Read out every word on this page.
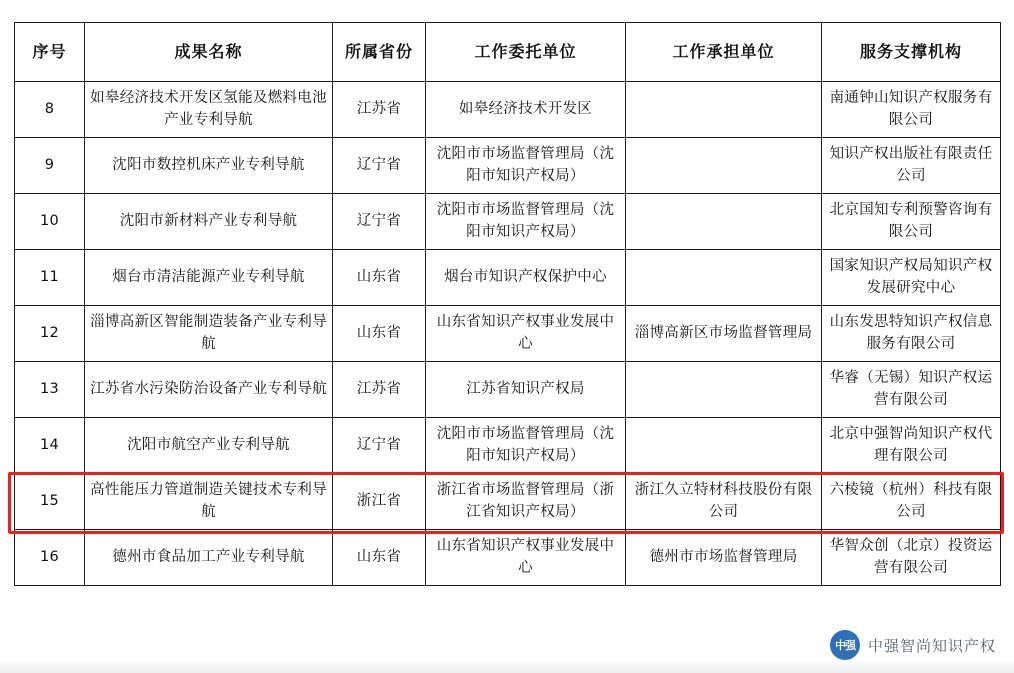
序号	成果名称	所属省份	工作委托单位	工作承担单位	服务支撑机构
8	如皋经济技术开发区氢能及燃料电池产业专利导航	江苏省	如皋经济技术开发区		南通钟山知识产权服务有限公司
9	沈阳市数控机床产业专利导航	辽宁省	沈阳市市场监督管理局（沈阳市知识产权局）		知识产权出版社有限责任公司
10	沈阳市新材料产业专利导航	辽宁省	沈阳市市场监督管理局（沈阳市知识产权局）		北京国知专利预警咨询有限公司
11	烟台市清洁能源产业专利导航	山东省	烟台市知识产权保护中心		国家知识产权局知识产权发展研究中心
12	淄博高新区智能制造装备产业专利导航	山东省	山东省知识产权事业发展中心	淄博高新区市场监督管理局	山东发思特知识产权信息服务有限公司
13	江苏省水污染防治设备产业专利导航	江苏省	江苏省知识产权局		华睿（无锡）知识产权运营有限公司
14	沈阳市航空产业专利导航	辽宁省	沈阳市市场监督管理局（沈阳市知识产权局）		北京中强智尚知识产权代理有限公司
15	高性能压力管道制造关键技术专利导航	浙江省	浙江省市场监督管理局（浙江省知识产权局）	浙江久立特材科技股份有限公司	六棱镜（杭州）科技有限公司
16	德州市食品加工产业专利导航	山东省	山东省知识产权事业发展中心	德州市市场监督管理局	华智众创（北京）投资运营有限公司
中强 中强智尚知识产权
